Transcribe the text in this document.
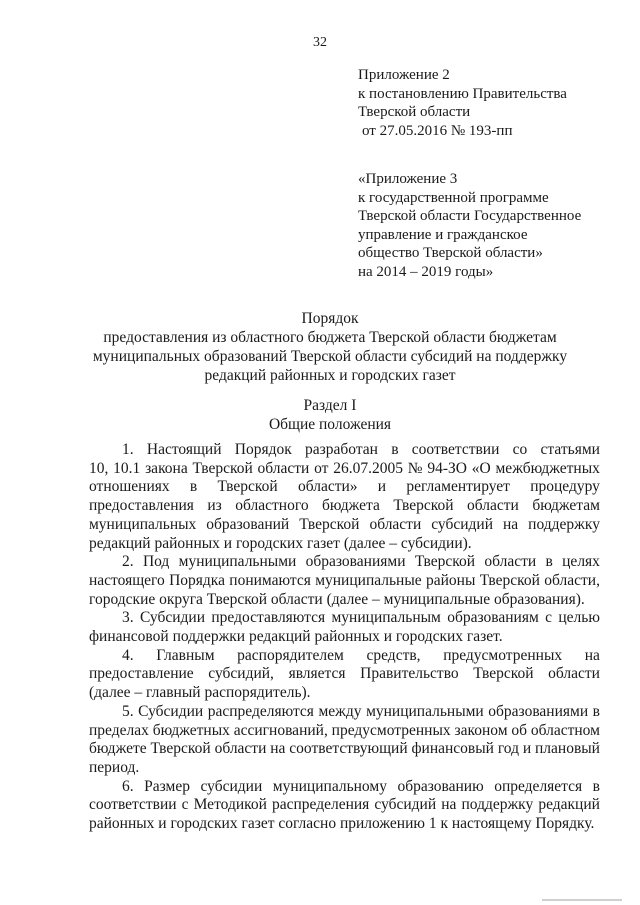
32
Приложение 2
к постановлению Правительства
Тверской области
от 27.05.2016 № 193-пп
«Приложение 3
к государственной программе
Тверской области Государственное
управление и гражданское
общество Тверской области»
на 2014 – 2019 годы»
Порядок
предоставления из областного бюджета Тверской области бюджетам
муниципальных образований Тверской области субсидий на поддержку
редакций районных и городских газет
Раздел I
Общие положения
1. Настоящий Порядок разработан в соответствии со статьями
10, 10.1 закона Тверской области от 26.07.2005 № 94-ЗО «О межбюджетных
отношениях в Тверской области» и регламентирует процедуру
предоставления из областного бюджета Тверской области бюджетам
муниципальных образований Тверской области субсидий на поддержку
редакций районных и городских газет (далее – субсидии).
2. Под муниципальными образованиями Тверской области в целях
настоящего Порядка понимаются муниципальные районы Тверской области,
городские округа Тверской области (далее – муниципальные образования).
3. Субсидии предоставляются муниципальным образованиям с целью
финансовой поддержки редакций районных и городских газет.
4. Главным распорядителем средств, предусмотренных на
предоставление субсидий, является Правительство Тверской области
(далее – главный распорядитель).
5. Субсидии распределяются между муниципальными образованиями в
пределах бюджетных ассигнований, предусмотренных законом об областном
бюджете Тверской области на соответствующий финансовый год и плановый
период.
6. Размер субсидии муниципальному образованию определяется в
соответствии с Методикой распределения субсидий на поддержку редакций
районных и городских газет согласно приложению 1 к настоящему Порядку.
